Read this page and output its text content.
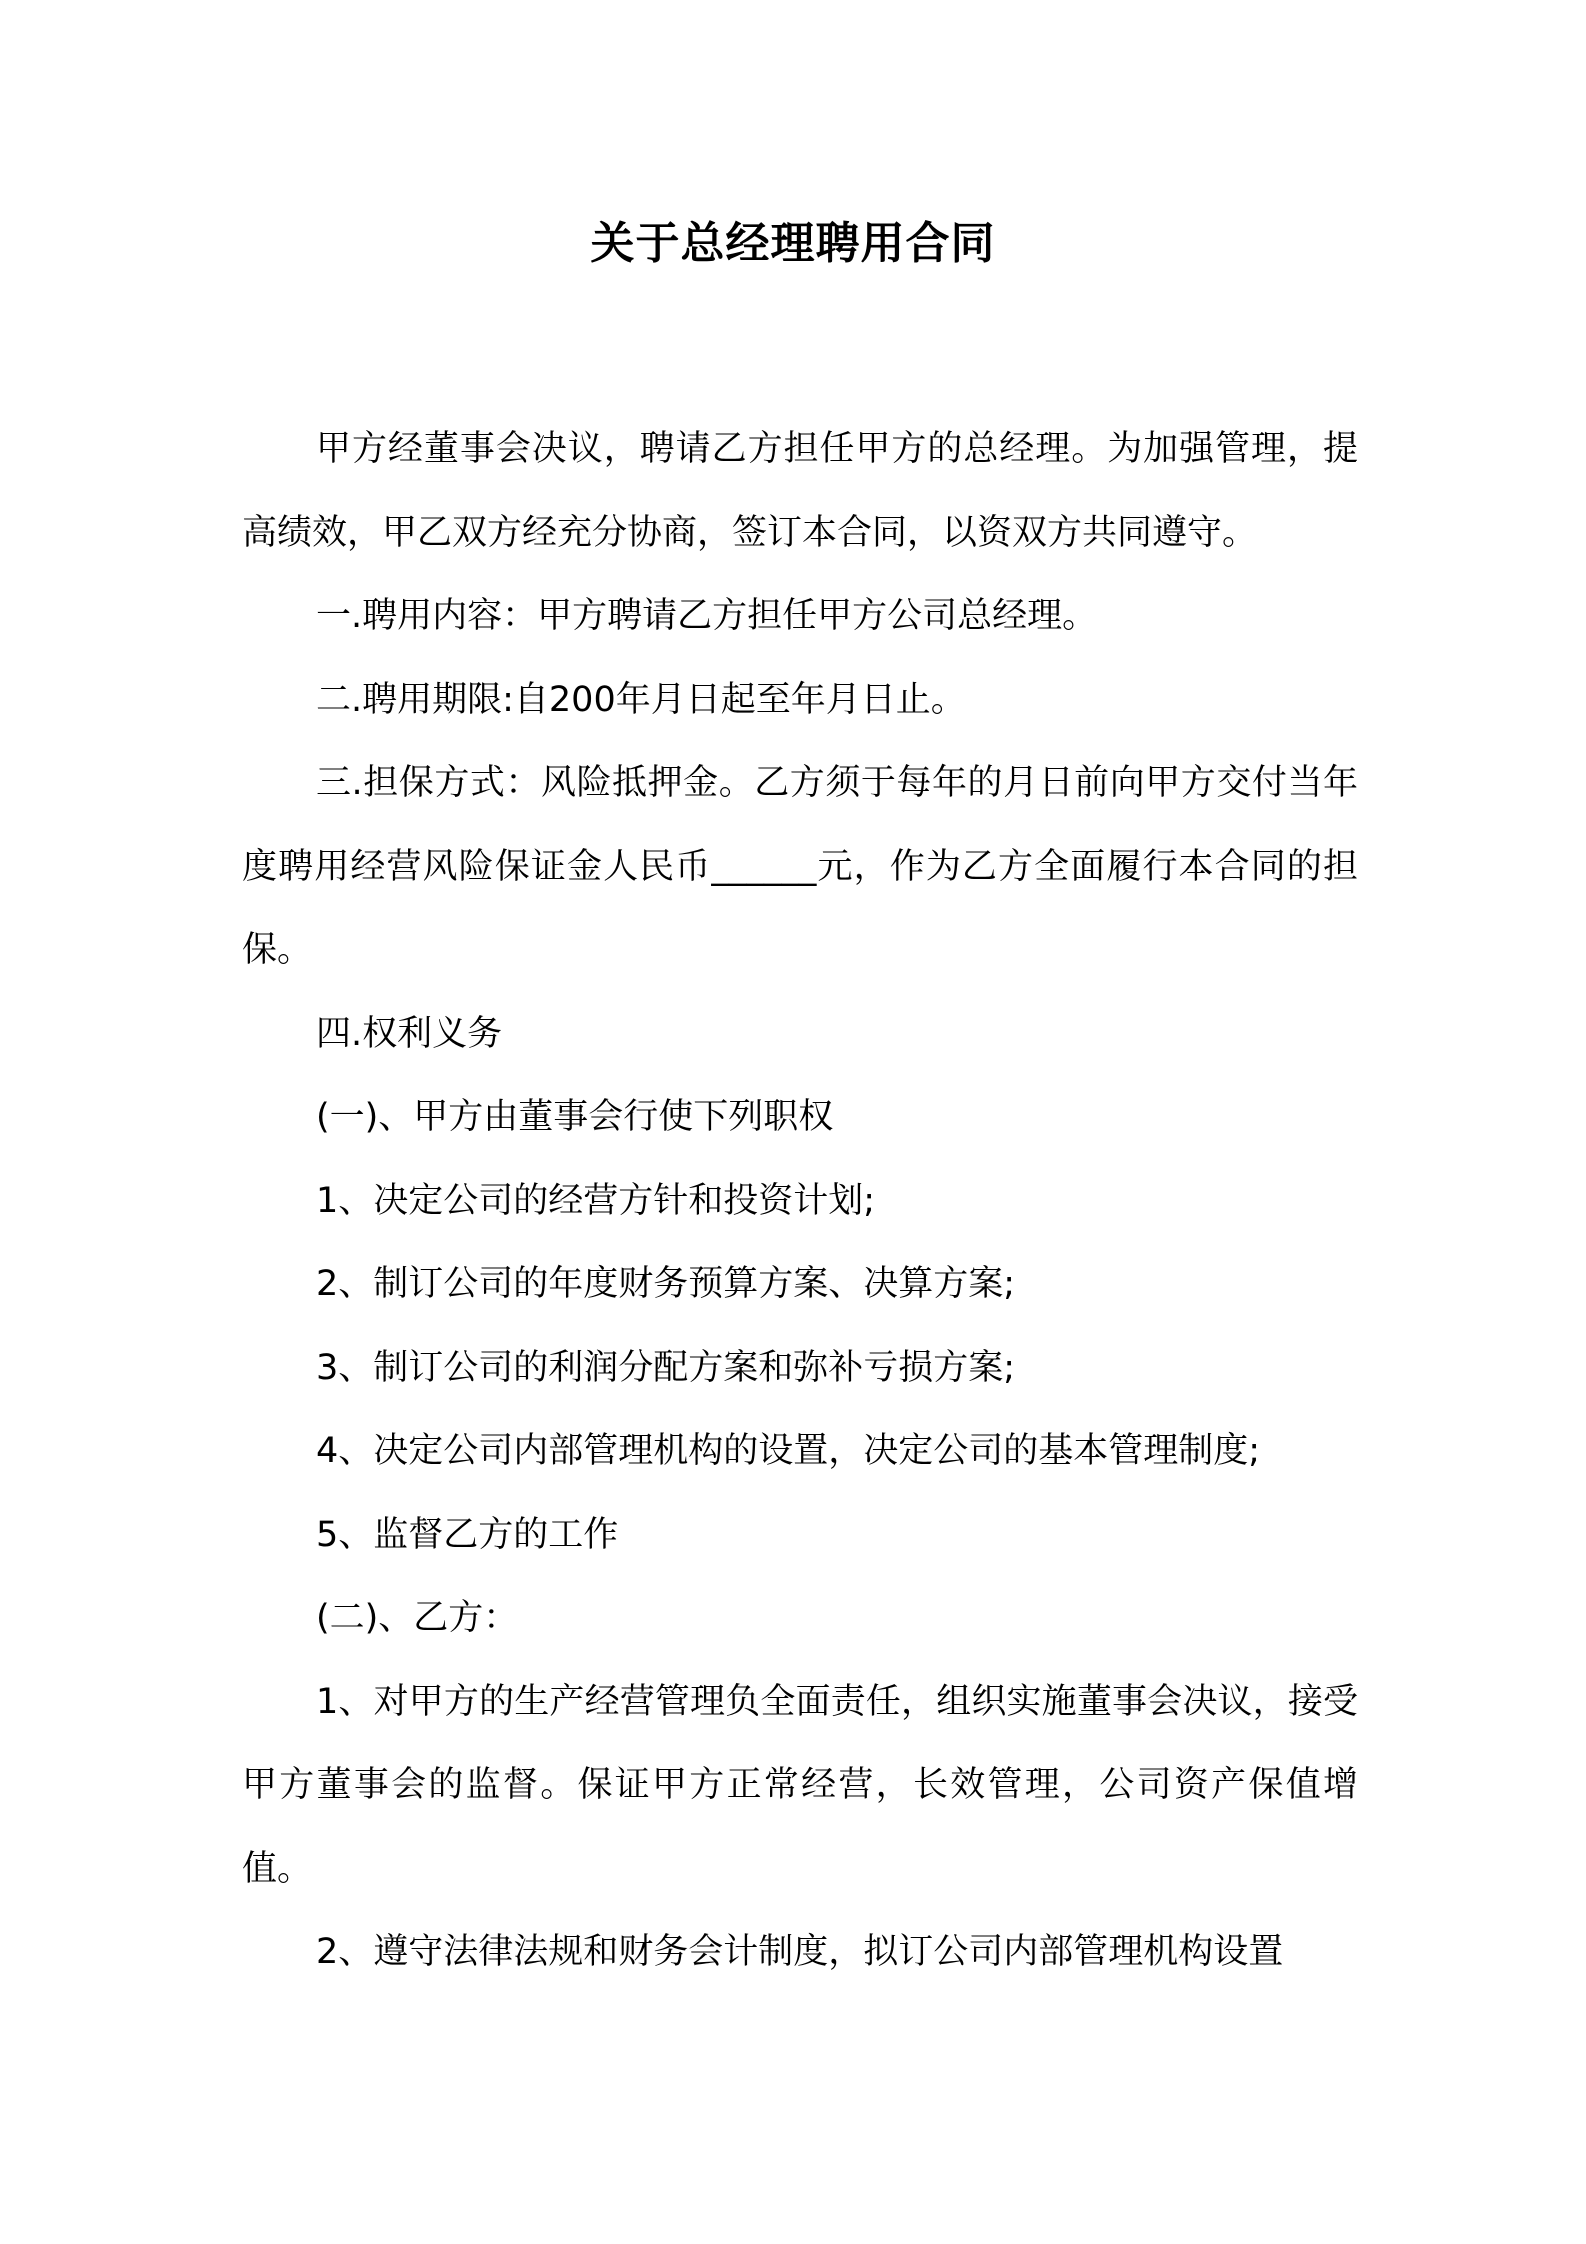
关于总经理聘用合同

甲方经董事会决议，聘请乙方担任甲方的总经理。为加强管理，提高绩效，甲乙双方经充分协商，签订本合同，以资双方共同遵守。

一.聘用内容：甲方聘请乙方担任甲方公司总经理。

二.聘用期限:自200年月日起至年月日止。

三.担保方式：风险抵押金。乙方须于每年的月日前向甲方交付当年度聘用经营风险保证金人民币______元，作为乙方全面履行本合同的担保。

四.权利义务

(一)、甲方由董事会行使下列职权

1、决定公司的经营方针和投资计划;

2、制订公司的年度财务预算方案、决算方案;

3、制订公司的利润分配方案和弥补亏损方案;

4、决定公司内部管理机构的设置，决定公司的基本管理制度;

5、监督乙方的工作

(二)、乙方：

1、对甲方的生产经营管理负全面责任，组织实施董事会决议，接受甲方董事会的监督。保证甲方正常经营，长效管理，公司资产保值增值。

2、遵守法律法规和财务会计制度，拟订公司内部管理机构设置
